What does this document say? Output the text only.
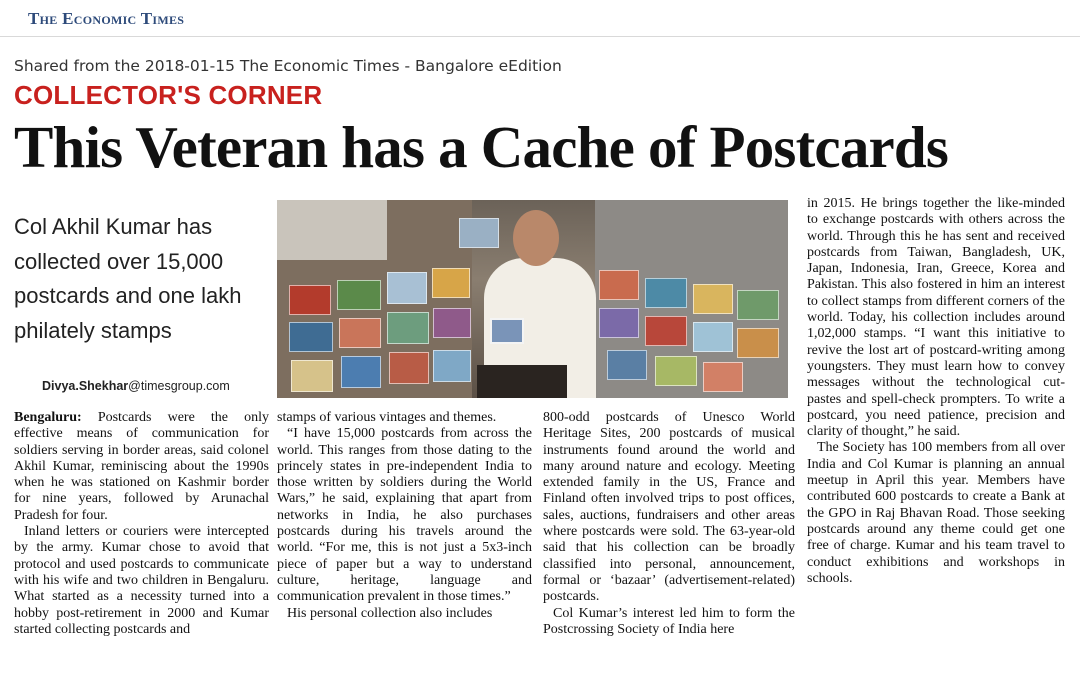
The Economic Times
Shared from the 2018-01-15 The Economic Times - Bangalore eEdition
COLLECTOR'S CORNER
This Veteran has a Cache of Postcards
Col Akhil Kumar has collected over 15,000 postcards and one lakh philately stamps
Divya.Shekhar@timesgroup.com

Bengaluru: Postcards were the only effective means of communication for soldiers serving in border areas, said colonel Akhil Kumar, reminiscing about the 1990s when he was stationed on Kashmir border for nine years, followed by Arunachal Pradesh for four.

Inland letters or couriers were intercepted by the army. Kumar chose to avoid that protocol and used postcards to communicate with his wife and two children in Bengaluru. What started as a necessity turned into a hobby post-retirement in 2000 and Kumar started collecting postcards and

stamps of various vintages and themes.

“I have 15,000 postcards from across the world. This ranges from those dating to the princely states in pre-independent India to those written by soldiers during the World Wars,” he said, explaining that apart from networks in India, he also purchases postcards during his travels around the world. “For me, this is not just a 5x3-inch piece of paper but a way to understand culture, heritage, language and communication prevalent in those times.”

His personal collection also includes

800-odd postcards of Unesco World Heritage Sites, 200 postcards of musical instruments found around the world and many around nature and ecology. Meeting extended family in the US, France and Finland often involved trips to post offices, sales, auctions, fundraisers and other areas where postcards were sold. The 63-year-old said that his collection can be broadly classified into personal, announcement, formal or ‘bazaar’ (advertisement-related) postcards.

Col Kumar’s interest led him to form the Postcrossing Society of India here

in 2015. He brings together the like-minded to exchange postcards with others across the world. Through this he has sent and received postcards from Taiwan, Bangladesh, UK, Japan, Indonesia, Iran, Greece, Korea and Pakistan. This also fostered in him an interest to collect stamps from different corners of the world. Today, his collection includes around 1,02,000 stamps. “I want this initiative to revive the lost art of postcard-writing among youngsters. They must learn how to convey messages without the technological cut-pastes and spell-check prompters. To write a postcard, you need patience, precision and clarity of thought,” he said.

The Society has 100 members from all over India and Col Kumar is planning an annual meetup in April this year. Members have contributed 600 postcards to create a Bank at the GPO in Raj Bhavan Road. Those seeking postcards around any theme could get one free of charge. Kumar and his team travel to conduct exhibitions and workshops in schools.
